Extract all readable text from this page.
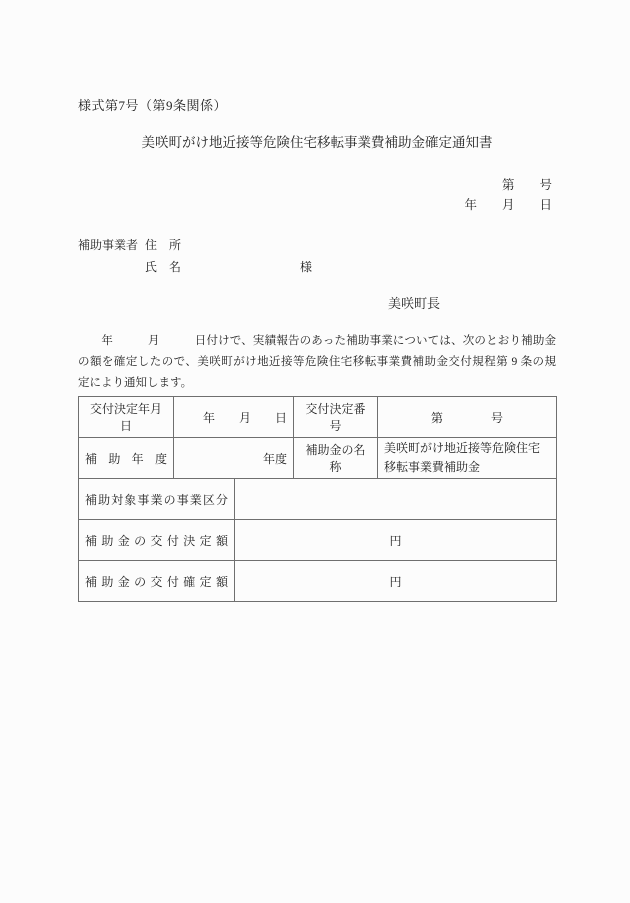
様式第7号（第9条関係）
美咲町がけ地近接等危険住宅移転事業費補助金確定通知書
第　　号
年　　月　　日
補助事業者 住　所
氏　名	様
美咲町長
　　年　　　月　　　日付けで、実績報告のあった補助事業については、次のとおり補助金
の額を確定したので、美咲町がけ地近接等危険住宅移転事業費補助金交付規程第 9 条の規
定により通知します。
交付決定年月日	年　　月　　日		交付決定番号	第　　　　号
補助年度	年度		補助金の名称	美咲町がけ地近接等危険住宅移転事業費補助金
補助対象事業の事業区分				
補助金の交付決定額		円		
補助金の交付確定額		円		
